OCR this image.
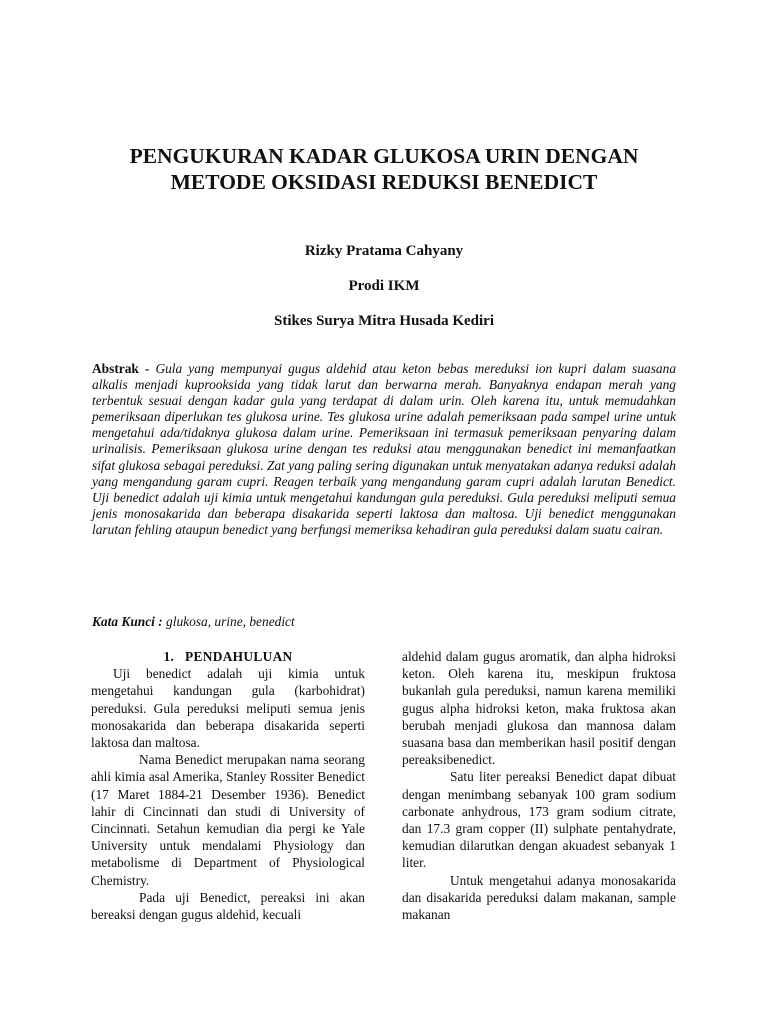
PENGUKURAN KADAR GLUKOSA URIN DENGAN
METODE OKSIDASI REDUKSI BENEDICT
Rizky Pratama Cahyany
Prodi IKM
Stikes Surya Mitra Husada Kediri
Abstrak - Gula yang mempunyai gugus aldehid atau keton bebas mereduksi ion kupri dalam suasana alkalis menjadi kuprooksida yang tidak larut dan berwarna merah. Banyaknya endapan merah yang terbentuk sesuai dengan kadar gula yang terdapat di dalam urin. Oleh karena itu, untuk memudahkan pemeriksaan diperlukan tes glukosa urine. Tes glukosa urine adalah pemeriksaan pada sampel urine untuk mengetahui ada/tidaknya glukosa dalam urine. Pemeriksaan ini termasuk pemeriksaan penyaring dalam urinalisis. Pemeriksaan glukosa urine dengan tes reduksi atau menggunakan benedict ini memanfaatkan sifat glukosa sebagai pereduksi. Zat yang paling sering digunakan untuk menyatakan adanya reduksi adalah yang mengandung garam cupri. Reagen terbaik yang mengandung garam cupri adalah larutan Benedict. Uji benedict adalah uji kimia untuk mengetahui kandungan gula pereduksi. Gula pereduksi meliputi semua jenis monosakarida dan beberapa disakarida seperti laktosa dan maltosa. Uji benedict menggunakan larutan fehling ataupun benedict yang berfungsi memeriksa kehadiran gula pereduksi dalam suatu cairan.
Kata Kunci : glukosa, urine, benedict

1.   PENDAHULUAN

Uji benedict adalah uji kimia untuk mengetahui kandungan gula (karbohidrat) pereduksi. Gula pereduksi meliputi semua jenis monosakarida dan beberapa disakarida seperti laktosa dan maltosa.

Nama Benedict merupakan nama seorang ahli kimia asal Amerika, Stanley Rossiter Benedict (17 Maret 1884-21 Desember 1936). Benedict lahir di Cincinnati dan studi di University of Cincinnati. Setahun kemudian dia pergi ke Yale University untuk mendalami Physiology dan metabolisme di Department of Physiological Chemistry.

Pada uji Benedict, pereaksi ini akan bereaksi dengan gugus aldehid, kecuali

aldehid dalam gugus aromatik, dan alpha hidroksi keton. Oleh karena itu, meskipun fruktosa bukanlah gula pereduksi, namun karena memiliki gugus alpha hidroksi keton, maka fruktosa akan berubah menjadi glukosa dan mannosa dalam suasana basa dan memberikan hasil positif dengan pereaksibenedict.

Satu liter pereaksi Benedict dapat dibuat dengan menimbang sebanyak 100 gram sodium carbonate anhydrous, 173 gram sodium citrate, dan 17.3 gram copper (II) sulphate pentahydrate, kemudian dilarutkan dengan akuadest sebanyak 1 liter.

Untuk mengetahui adanya monosakarida dan disakarida pereduksi dalam makanan, sample makanan
